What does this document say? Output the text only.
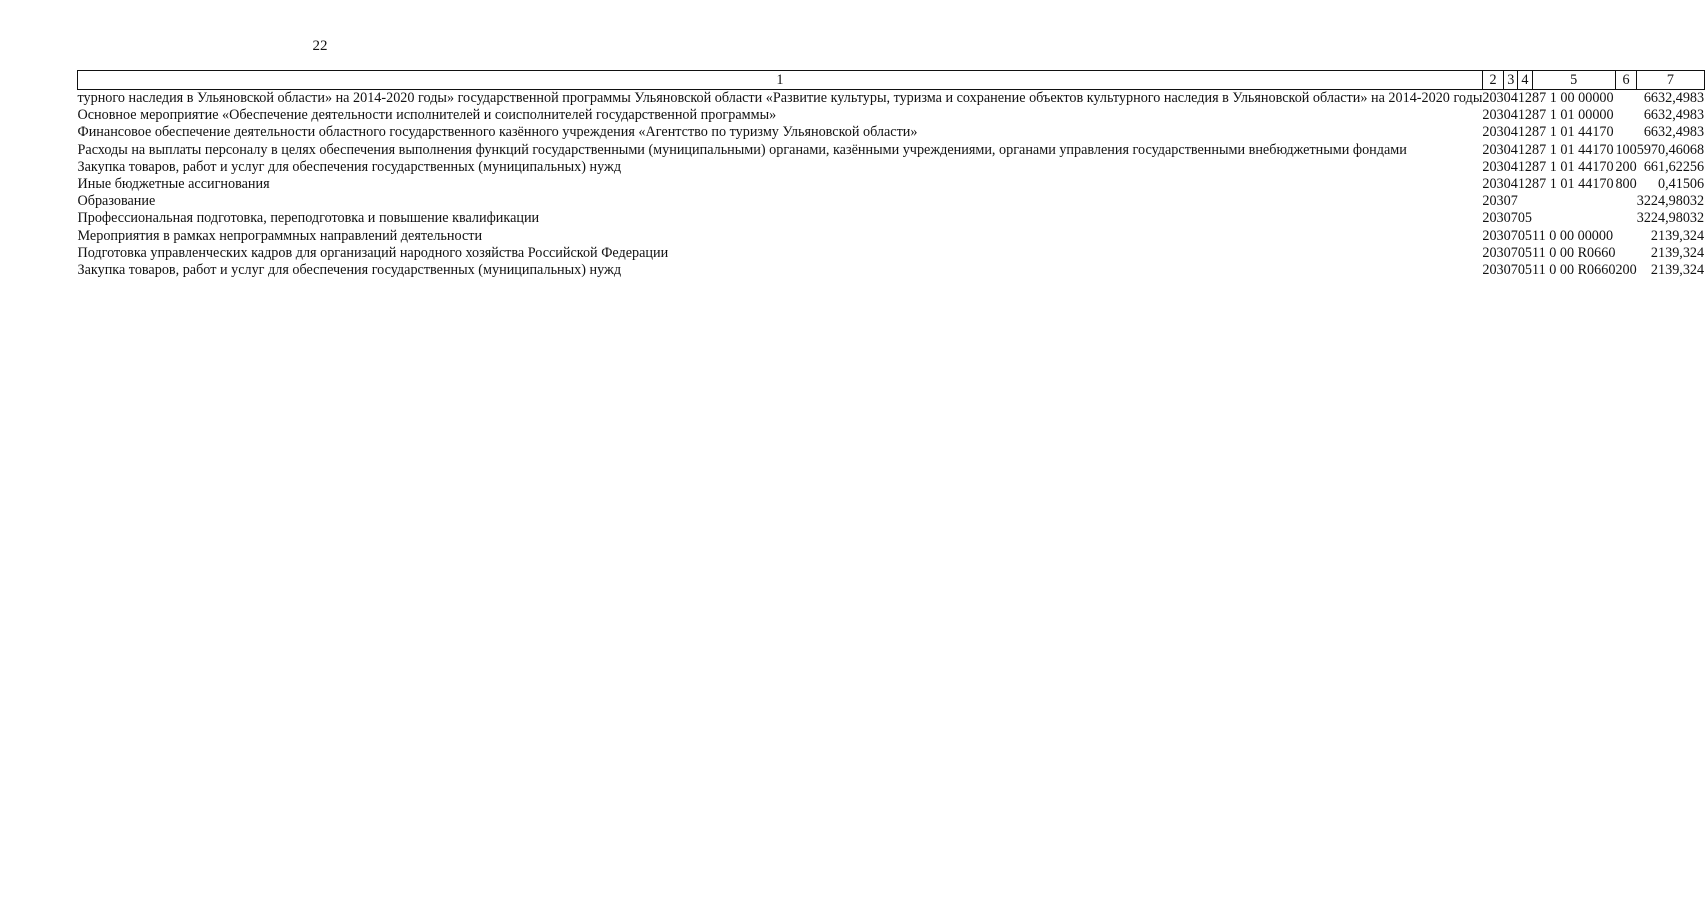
22
1	2	3	4	5	6	7
турного наследия в Ульяновской области» на 2014-2020 годы» государственной программы Ульяновской области «Развитие культуры, туризма и сохранение объектов культурного наследия в Ульяновской области» на 2014-2020 годы	203	04	12	87 1 00 00000		6632,4983
Основное мероприятие «Обеспечение деятельности исполнителей и соисполнителей государственной программы»	203	04	12	87 1 01 00000		6632,4983
Финансовое обеспечение деятельности областного государственного казённого учреждения «Агентство по туризму Ульяновской области»	203	04	12	87 1 01 44170		6632,4983
Расходы на выплаты персоналу в целях обеспечения выполнения функций государственными (муниципальными) органами, казёнными учреждениями, органами управления государственными внебюджетными фондами	203	04	12	87 1 01 44170	100	5970,46068
Закупка товаров, работ и услуг для обеспечения государственных (муниципальных) нужд	203	04	12	87 1 01 44170	200	661,62256
Иные бюджетные ассигнования	203	04	12	87 1 01 44170	800	0,41506
Образование	203	07				3224,98032
Профессиональная подготовка, переподготовка и повышение квалификации	203	07	05			3224,98032
Мероприятия в рамках непрограммных направлений деятельности	203	07	05	11 0 00 00000		2139,324
Подготовка управленческих кадров для организаций народного хозяйства Российской Федерации	203	07	05	11 0 00 R0660		2139,324
Закупка товаров, работ и услуг для обеспечения государственных (муниципальных) нужд	203	07	05	11 0 00 R0660	200	2139,324
